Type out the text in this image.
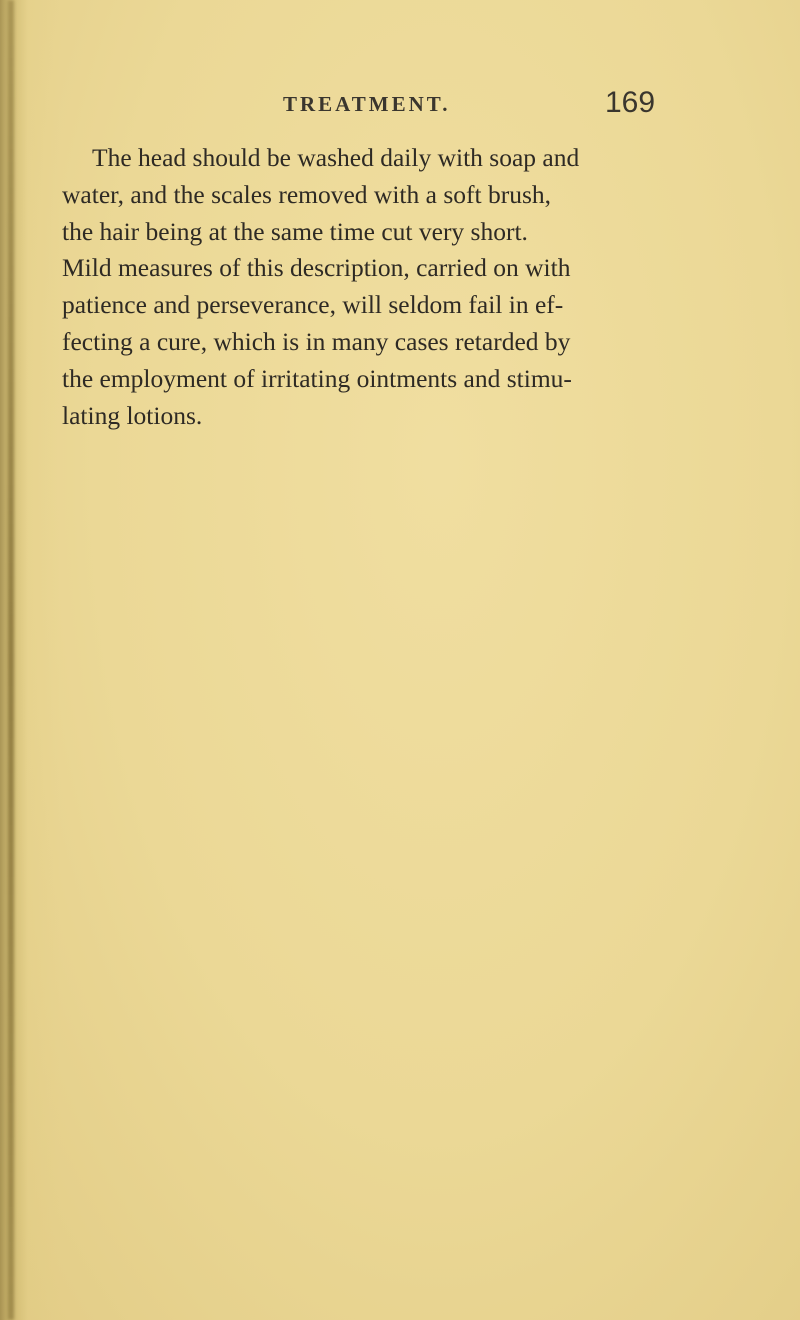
TREATMENT.	169
The head should be washed daily with soap and
water, and the scales removed with a soft brush,
the hair being at the same time cut very short.
Mild measures of this description, carried on with
patience and perseverance, will seldom fail in ef-
fecting a cure, which is in many cases retarded by
the employment of irritating ointments and stimu-
lating lotions.
